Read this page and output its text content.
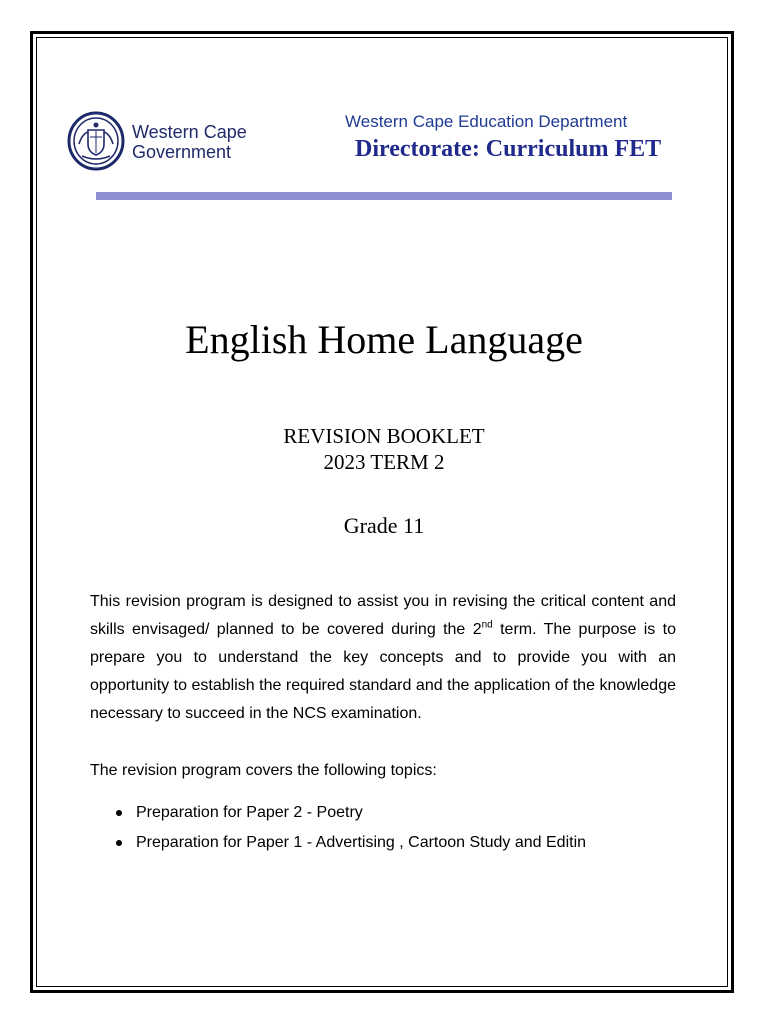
Western Cape
Government
Western Cape Education Department
Directorate: Curriculum FET
English Home Language
REVISION BOOKLET
2023 TERM 2
Grade 11

This revision program is designed to assist you in revising the critical content and skills envisaged/ planned to be covered during the 2nd term. The purpose is to prepare you to understand the key concepts and to provide you with an opportunity to establish the required standard and the application of the knowledge necessary to succeed in the NCS examination.

The revision program covers the following topics:
Preparation for Paper 2 - Poetry
Preparation for Paper 1 - Advertising , Cartoon Study and Editin
